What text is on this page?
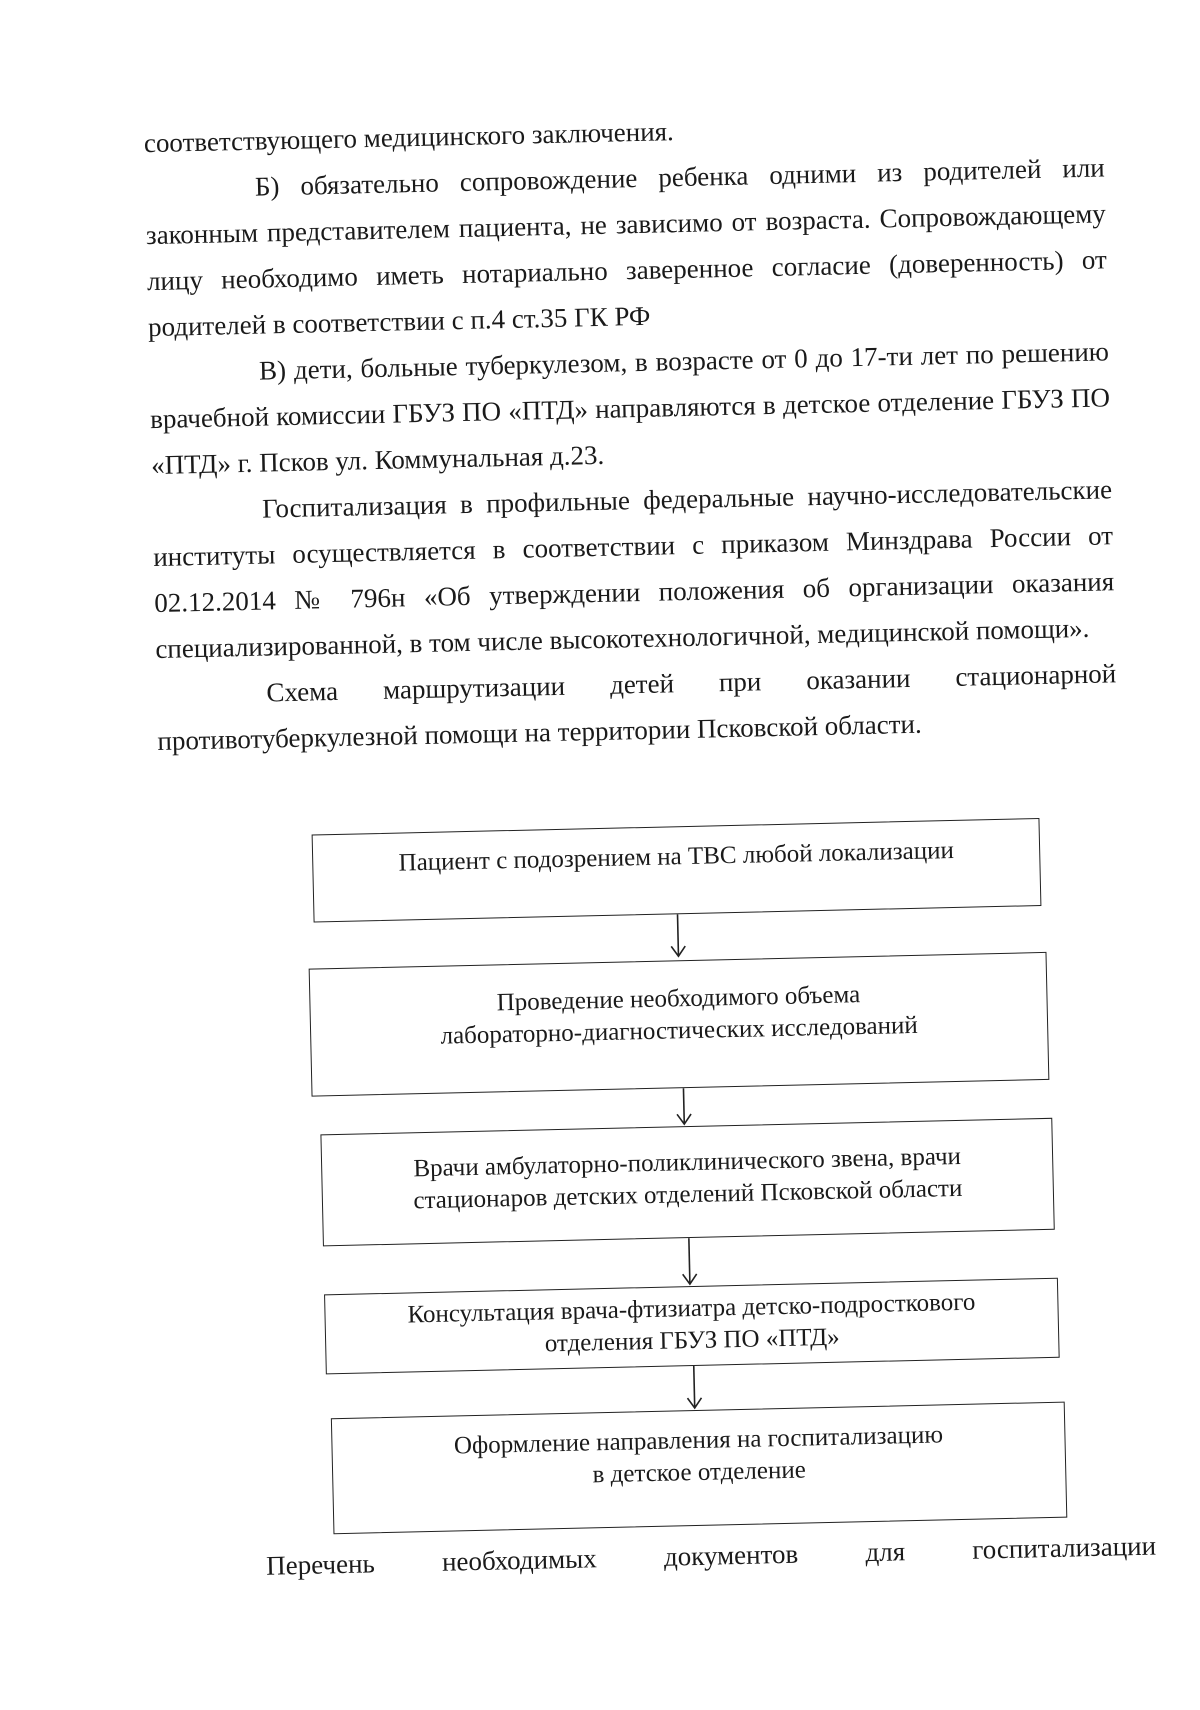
соответствующего медицинского заключения.

Б) обязательно сопровождение ребенка одними из родителей или законным представителем пациента, не зависимо от возраста. Сопровождающему лицу необходимо иметь нотариально заверенное согласие (доверенность) от родителей в соответствии с п.4 ст.35 ГК РФ

В) дети, больные туберкулезом, в возрасте от 0 до 17-ти лет по решению врачебной комиссии ГБУЗ ПО «ПТД» направляются в детское отделение ГБУЗ ПО «ПТД» г. Псков ул. Коммунальная д.23.

Госпитализация в профильные федеральные научно-исследовательские институты осуществляется в соответствии с приказом Минздрава России от 02.12.2014 № 796н «Об утверждении положения об организации оказания специализированной, в том числе высокотехнологичной, медицинской помощи».

Схема маршрутизации детей при оказании стационарной противотуберкулезной помощи на территории Псковской области.

Пациент с подозрением на ТВС любой локализации
Проведение необходимого объема
лабораторно-диагностических исследований
Врачи амбулаторно-поликлинического звена, врачи
стационаров детских отделений Псковской области
Консультация врача-фтизиатра детско-подросткового
отделения ГБУЗ ПО «ПТД»
Оформление направления на госпитализацию
в детское отделение
Перечень необходимых документов для госпитализации
